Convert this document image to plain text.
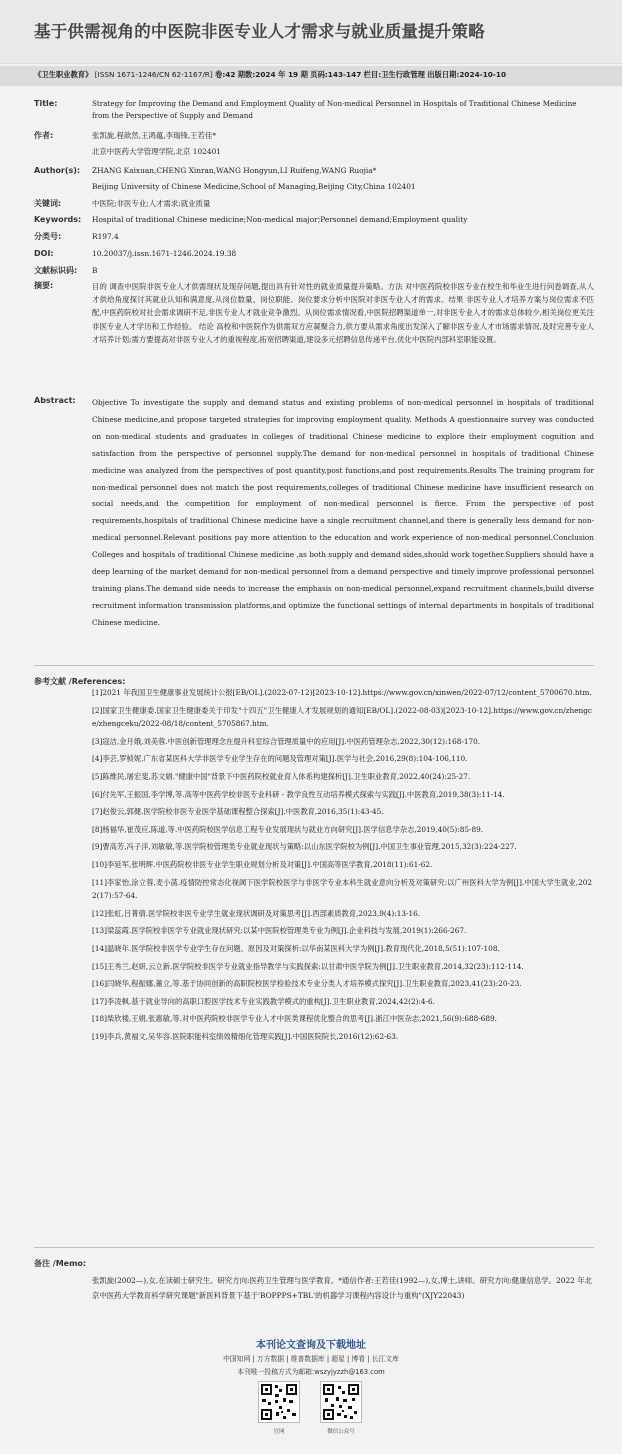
基于供需视角的中医院非医专业人才需求与就业质量提升策略
《卫生职业教育》 [ISSN 1671-1246/CN 62-1167/R] 卷:42 期数:2024 年 19 期 页码:143-147 栏目:卫生行政管理 出版日期:2024-10-10
Title:	Strategy for Improving the Demand and Employment Quality of Non-medical Personnel in Hospitals of Traditional Chinese Medicine from the Perspective of Supply and Demand
作者:	张凯旋,程歆然,王鸿蕴,李瑞锋,王若佳*
北京中医药大学管理学院,北京 102401
Author(s): ZHANG Kaixuan,CHENG Xinran,WANG Hongyun,LI Ruifeng,WANG Ruojia*
Beijing University of Chinese Medicine,School of Managing,Beijing City,China 102401
关键词:	中医院;非医专业;人才需求;就业质量
Keywords: Hospital of traditional Chinese medicine;Non-medical major;Personnel demand;Employment quality
分类号:	R197.4
DOI:	10.20037/j.issn.1671-1246.2024.19.38
文献标识码: B
摘要:	目的 调查中医院非医专业人才供需现状及现存问题,提出具有针对性的就业质量提升策略。方法 对中医药院校非医专业在校生和毕业生进行问卷调查,从人才供给角度探讨其就业认知和满意度,从岗位数量、岗位职能、岗位要求分析中医院对非医专业人才的需求。结果 非医专业人才培养方案与岗位需求不匹配,中医药院校对社会需求调研不足,非医专业人才就业竞争激烈。从岗位需求情况看,中医院招聘渠道单一,对非医专业人才的需求总体较少,相关岗位更关注非医专业人才学历和工作经验。 结论 高校和中医院作为供需双方应凝聚合力,供方要从需求角度出发深入了解非医专业人才市场需求情况,及时完善专业人才培养计划;需方要提高对非医专业人才的重视程度,拓宽招聘渠道,建设多元招聘信息传递平台,优化中医院内部科室职能设置。
Abstract: Objective To investigate the supply and demand status and existing problems of non-medical personnel in hospitals of traditional Chinese medicine,and propose targeted strategies for improving employment quality. Methods A questionnaire survey was conducted on non-medical students and graduates in colleges of traditional Chinese medicine to explore their employment cognition and satisfaction from the perspective of personnel supply.The demand for non-medical personnel in hospitals of traditional Chinese medicine was analyzed from the perspectives of post quantity,post functions,and post requirements.Results The training program for non-medical personnel does not match the post requirements,colleges of traditional Chinese medicine have insufficient research on social needs,and the competition for employment of non-medical personnel is fierce. From the perspective of post requirements,hospitals of traditional Chinese medicine have a single recruitment channel,and there is generally less demand for non-medical personnel.Relevant positions pay more attention to the education and work experience of non-medical personnel.Conclusion Colleges and hospitals of traditional Chinese medicine ,as both supply and demand sides,should work together.Suppliers should have a deep learning of the market demand for non-medical personnel from a demand perspective and timely improve professional personnel training plans.The demand side needs to increase the emphasis on non-medical personnel,expand recruitment channels,build diverse recruitment information transmission platforms,and optimize the functional settings of internal departments in hospitals of traditional Chinese medicine.
参考文献 /References:
[1]2021 年我国卫生健康事业发展统计公报[EB/OL].(2022-07-12)[2023-10-12].https://www.gov.cn/xinwen/2022-07/12/content_5700670.htm.
[2]国家卫生健康委.国家卫生健康委关于印发"十四五"卫生健康人才发展规划的通知[EB/OL].(2022-08-03)[2023-10-12].https://www.gov.cn/zhengce/zhengceku/2022-08/18/content_5705867.htm.
[3]寇洁,金月娥,刘美蓉.中医创新管理理念在提升科室综合管理质量中的应用[J].中医药管理杂志,2022,30(12):168-170.
[4]李芸,罗桢妮.广东省某医科大学非医学专业学生存在的问题及管理对策[J].医学与社会,2016,29(8):104-106,110.
[5]陈维民,屠宏斐,苏文娟."健康中国"背景下中医药院校就业育人体系构建探析[J].卫生职业教育,2022,40(24):25-27.
[6]付先军,王振国,李学博,等.高等中医药学校非医专业科研 - 教学良性互动培养模式探索与实践[J].中医教育,2019,38(3):11-14.
[7]赵俊云,郭健.医学院校非医专业医学基础课程整合探索[J].中医教育,2016,35(1):43-45.
[8]杨福华,崔茂应,陈道,等.中医药院校医学信息工程专业发展现状与就业方向研究[J].医学信息学杂志,2019,40(5):85-89.
[9]曹高芳,冯子洋,刘敏敏,等.医学院校管理类专业就业现状与策略:以山东医学院校为例[J].中国卫生事业管理,2015,32(3):224-227.
[10]李延军,张明辉.中医药院校非医专业学生职业规划分析及对策[J].中国高等医学教育,2018(11):61-62.
[11]李家怡,涂立蓉,麦小菡.疫情防控常态化视阈下医学院校医学与非医学专业本科生就业意向分析及对策研究:以广州医科大学为例[J].中国大学生就业,2022(17):57-64.
[12]张虹,吕菁倩.医学院校非医专业学生就业现状调研及对策思考[J].西部素质教育,2023,9(4):13-16.
[13]梁蕊霞.医学院校非医学专业就业现状研究:以某中医院校管理类专业为例[J].企业科技与发展,2019(1):266-267.
[14]温晓年.医学院校非医学专业学生存在问题、原因及对策探析:以华南某医科大学为例[J].教育现代化,2018,5(51):107-108.
[15]王秀兰,赵妍,云立新.医学院校非医学专业就业指导教学与实践探索:以甘肃中医学院为例[J].卫生职业教育,2014,32(23):112-114.
[16]闫晓华,程振娜,董立,等.基于协同创新的高职院校医学检验技术专业分类人才培养模式探究[J].卫生职业教育,2023,41(23):20-23.
[17]李凌枫.基于就业导向的高职口腔医学技术专业实践教学模式的重构[J].卫生职业教育,2024,42(2):4-6.
[18]柴欣楼,王娟,张惠敏,等.对中医药院校非医学专业人才中医类课程优化整合的思考[J].浙江中医杂志,2021,56(9):688-689.
[19]李兵,黄福文,吴华容.医院职能科室绩效精细化管理实践[J].中国医院院长,2016(12):62-63.
备注 /Memo:
张凯旋(2002—),女,在读硕士研究生。研究方向:医药卫生管理与医学教育。*通信作者:王若佳(1992—),女,博士,讲师。研究方向:健康信息学。2022 年北京中医药大学教育科学研究课题"新医科背景下基于'BOPPPS+TBL'的机器学习课程内容设计与重构"(XJY22043)
本刊论文查询及下载地址
中国知网 | 万方数据 | 维普数据库 | 超星 | 博看 | 长江文库
本刊唯一投稿方式为邮箱:wszyjyzzh@163.com
官网	微信公众号
